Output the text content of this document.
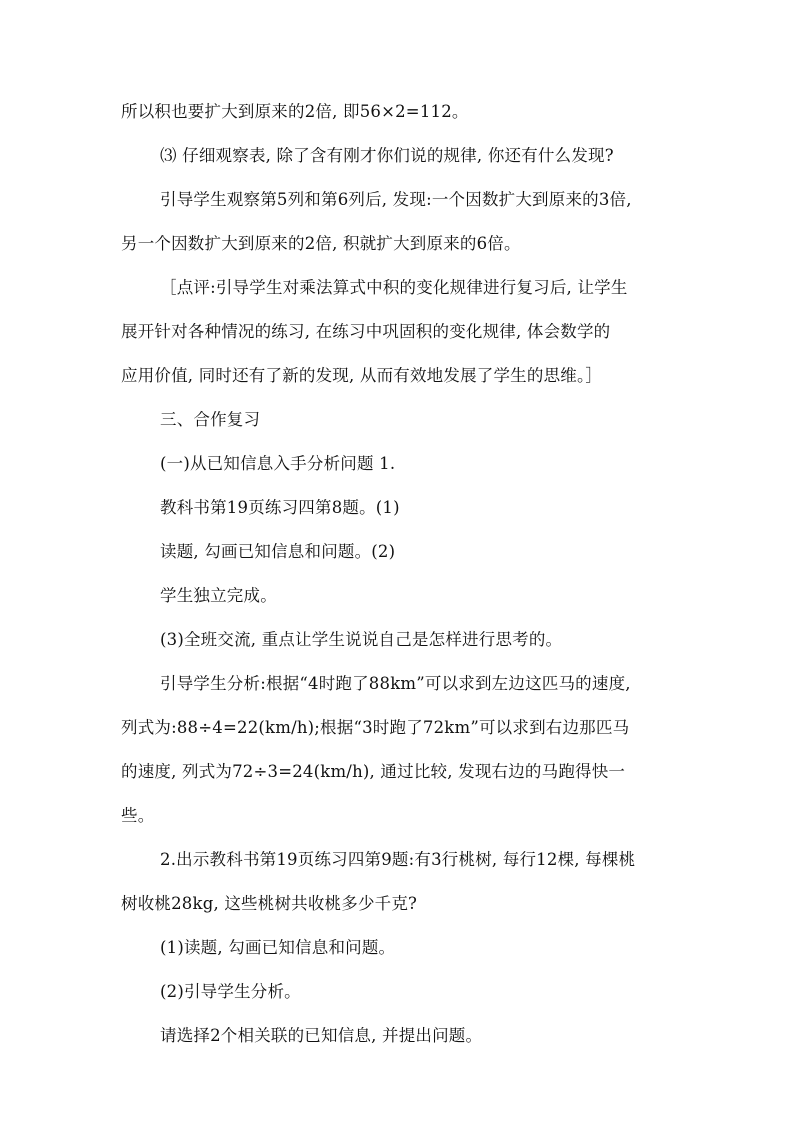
所以积也要扩大到原来的2倍, 即56×2=112。
⑶ 仔细观察表, 除了含有刚才你们说的规律, 你还有什么发现?
引导学生观察第5列和第6列后, 发现:一个因数扩大到原来的3倍,
另一个因数扩大到原来的2倍, 积就扩大到原来的6倍。
［点评:引导学生对乘法算式中积的变化规律进行复习后, 让学生
展开针对各种情况的练习, 在练习中巩固积的变化规律, 体会数学的
应用价值, 同时还有了新的发现, 从而有效地发展了学生的思维。］
三、合作复习
(一)从已知信息入手分析问题 1.
教科书第19页练习四第8题。(1)
读题, 勾画已知信息和问题。(2)
学生独立完成。
(3)全班交流, 重点让学生说说自己是怎样进行思考的。
引导学生分析:根据“4时跑了88km”可以求到左边这匹马的速度,
列式为:88÷4=22(km/h);根据“3时跑了72km”可以求到右边那匹马
的速度, 列式为72÷3=24(km/h), 通过比较, 发现右边的马跑得快一
些。
2.出示教科书第19页练习四第9题:有3行桃树, 每行12棵, 每棵桃
树收桃28kg, 这些桃树共收桃多少千克?
(1)读题, 勾画已知信息和问题。
(2)引导学生分析。
请选择2个相关联的已知信息, 并提出问题。
